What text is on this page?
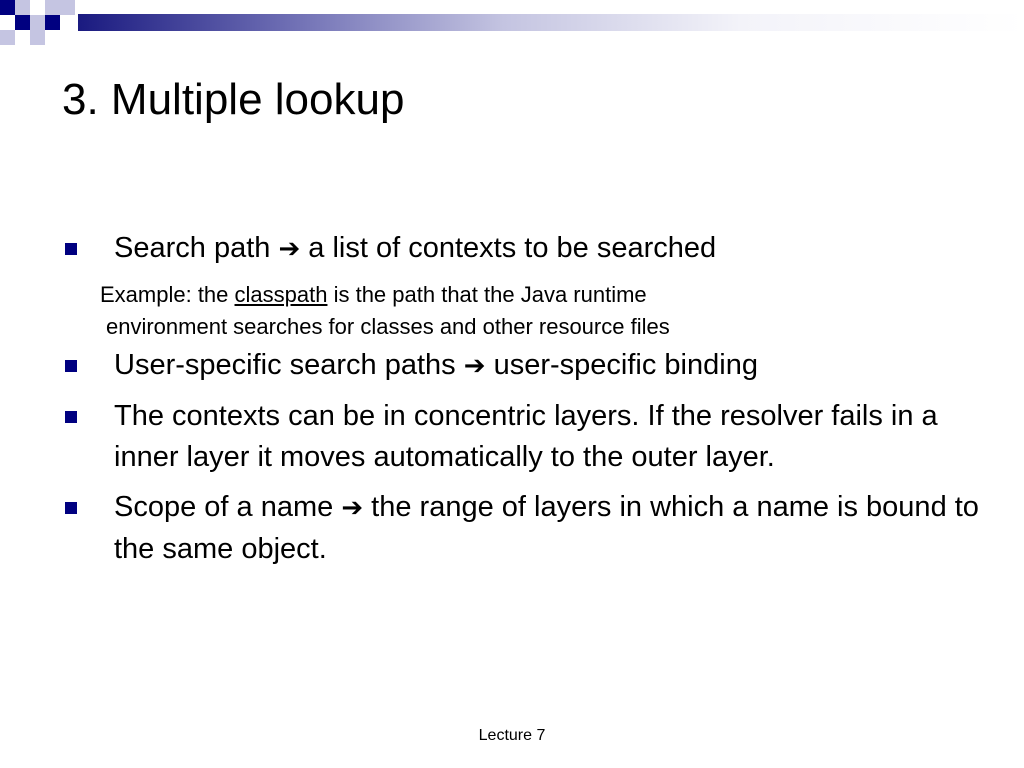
3. Multiple lookup
Search path ➔ a list of contexts to be searched
Example: the classpath is the path that the Java runtime
environment searches for classes and other resource files
User-specific search paths ➔ user-specific binding
The contexts can be in concentric layers. If the resolver fails in a inner layer it moves automatically to the outer layer.
Scope of a name ➔ the range of layers in which a name is bound to the same object.
Lecture 7
